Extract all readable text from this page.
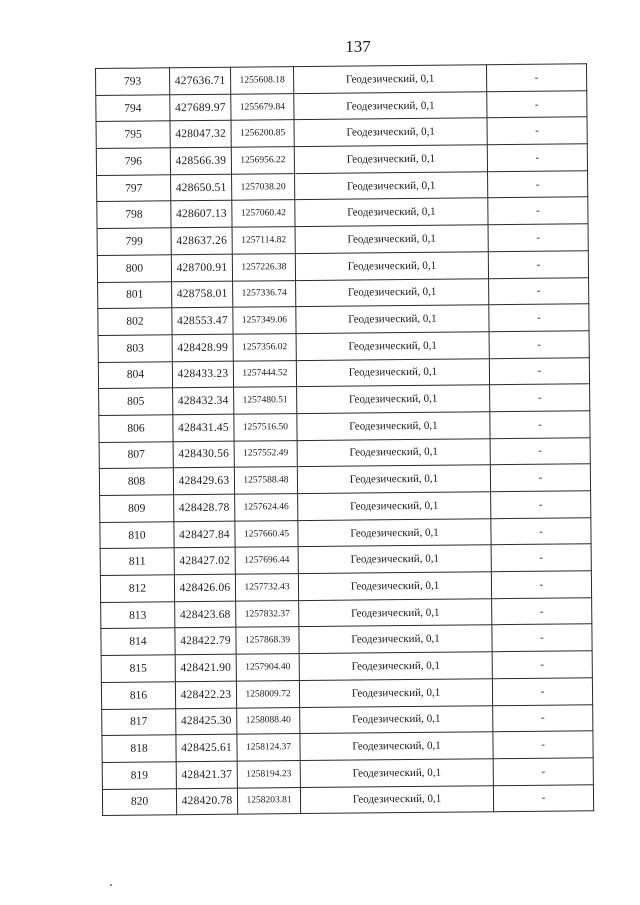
137
793	427636.71	1255608.18	Геодезический, 0,1	-
794	427689.97	1255679.84	Геодезический, 0,1	-
795	428047.32	1256200.85	Геодезический, 0,1	-
796	428566.39	1256956.22	Геодезический, 0,1	-
797	428650.51	1257038.20	Геодезический, 0,1	-
798	428607.13	1257060.42	Геодезический, 0,1	-
799	428637.26	1257114.82	Геодезический, 0,1	-
800	428700.91	1257226.38	Геодезический, 0,1	-
801	428758.01	1257336.74	Геодезический, 0,1	-
802	428553.47	1257349.06	Геодезический, 0,1	-
803	428428.99	1257356.02	Геодезический, 0,1	-
804	428433.23	1257444.52	Геодезический, 0,1	-
805	428432.34	1257480.51	Геодезический, 0,1	-
806	428431.45	1257516.50	Геодезический, 0,1	-
807	428430.56	1257552.49	Геодезический, 0,1	-
808	428429.63	1257588.48	Геодезический, 0,1	-
809	428428.78	1257624.46	Геодезический, 0,1	-
810	428427.84	1257660.45	Геодезический, 0,1	-
811	428427.02	1257696.44	Геодезический, 0,1	-
812	428426.06	1257732.43	Геодезический, 0,1	-
813	428423.68	1257832.37	Геодезический, 0,1	-
814	428422.79	1257868.39	Геодезический, 0,1	-
815	428421.90	1257904.40	Геодезический, 0,1	-
816	428422.23	1258009.72	Геодезический, 0,1	-
817	428425.30	1258088.40	Геодезический, 0,1	-
818	428425.61	1258124.37	Геодезический, 0,1	-
819	428421.37	1258194.23	Геодезический, 0,1	-
820	428420.78	1258203.81	Геодезический, 0,1	-
